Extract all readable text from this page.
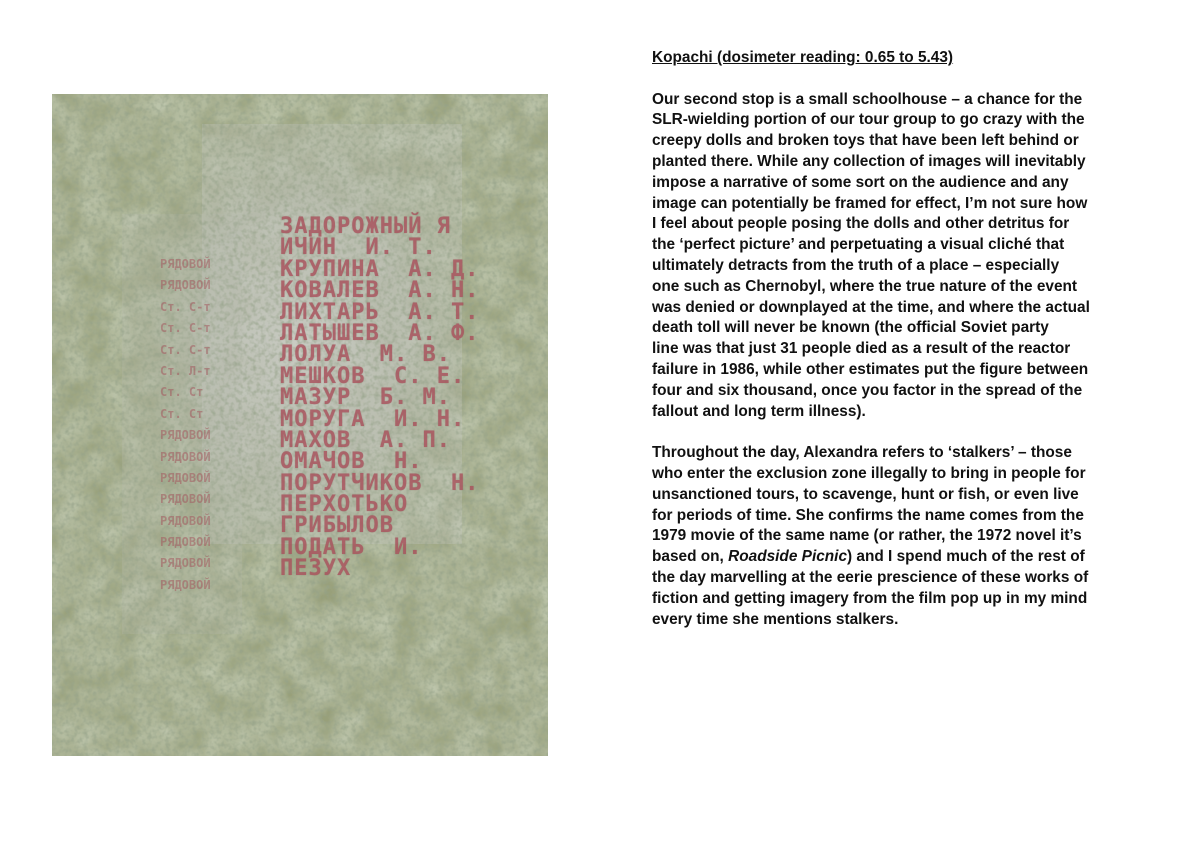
РЯДОВОЙ
РЯДОВОЙ
Ст. С-т
Ст. С-т
Ст. С-т
Ст. Л-т
Ст. Ст
Ст. Ст
РЯДОВОЙ
РЯДОВОЙ
РЯДОВОЙ
РЯДОВОЙ
РЯДОВОЙ
РЯДОВОЙ
РЯДОВОЙ
РЯДОВОЙ
ЗАДОРОЖНЫЙ Я
ИЧИН  И. Т.
КРУПИНА  А. Д.
КОВАЛЕВ  А. Н.
ЛИХТАРЬ  А. Т.
ЛАТЫШЕВ  А. Ф.
ЛОЛУА  М. В.
МЕШКОВ  С. Е.
МАЗУР  Б. М.
МОРУГА  И. Н.
МАХОВ  А. П.
ОМАЧОВ  Н.
ПОРУТЧИКОВ  Н.
ПЕРХОТЬКО
ГРИБЫЛОВ
ПОДАТЬ  И.
ПЕЗУХ
Kopachi (dosimeter reading: 0.65 to 5.43)
Our second stop is a small schoolhouse – a chance for the
SLR-wielding portion of our tour group to go crazy with the
creepy dolls and broken toys that have been left behind or
planted there. While any collection of images will inevitably
impose a narrative of some sort on the audience and any
image can potentially be framed for effect, I’m not sure how
I feel about people posing the dolls and other detritus for
the ‘perfect picture’ and perpetuating a visual cliché that
ultimately detracts from the truth of a place – especially
one such as Chernobyl, where the true nature of the event
was denied or downplayed at the time, and where the actual
death toll will never be known (the official Soviet party
line was that just 31 people died as a result of the reactor
failure in 1986, while other estimates put the figure between
four and six thousand, once you factor in the spread of the
fallout and long term illness).
Throughout the day, Alexandra refers to ‘stalkers’ – those
who enter the exclusion zone illegally to bring in people for
unsanctioned tours, to scavenge, hunt or fish, or even live
for periods of time. She confirms the name comes from the
1979 movie of the same name (or rather, the 1972 novel it’s
based on, Roadside Picnic) and I spend much of the rest of
the day marvelling at the eerie prescience of these works of
fiction and getting imagery from the film pop up in my mind
every time she mentions stalkers.
